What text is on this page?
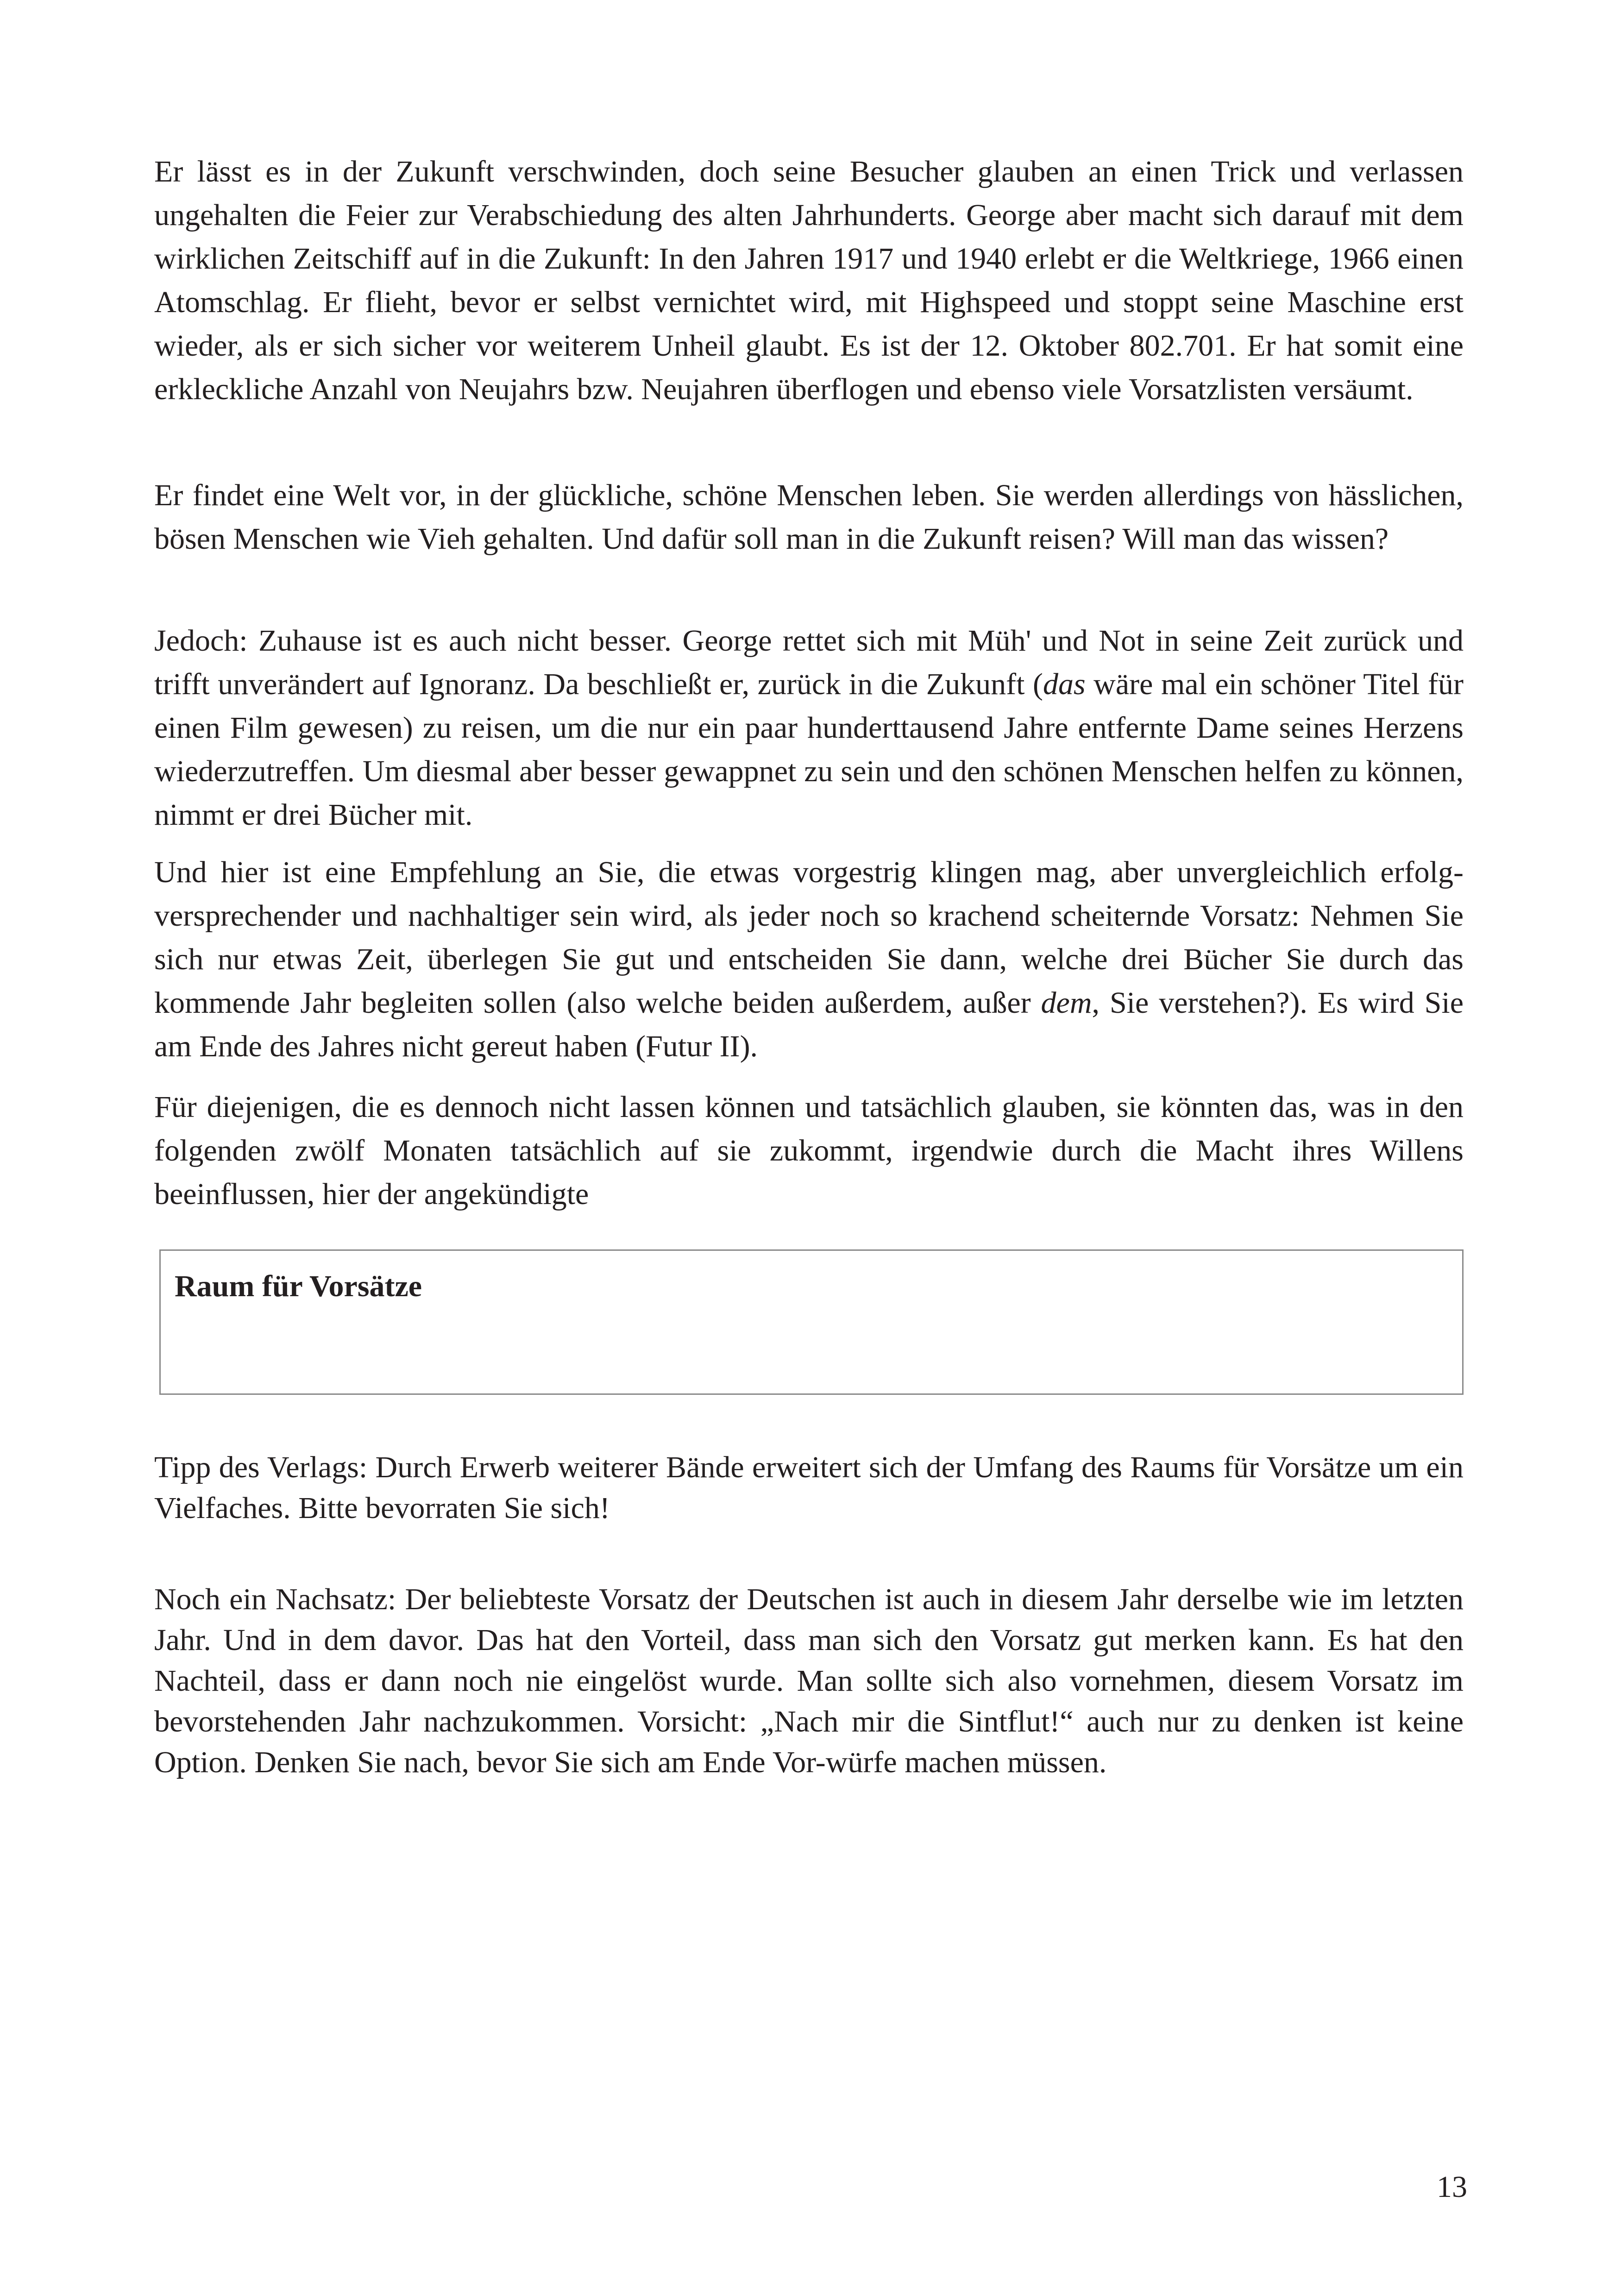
Er lässt es in der Zukunft verschwinden, doch seine Besucher glauben an einen Trick und verlassen ungehalten die Feier zur Verabschiedung des alten Jahrhunderts. George aber macht sich darauf mit dem wirklichen Zeitschiff auf in die Zukunft: In den Jahren 1917 und 1940 erlebt er die Weltkriege, 1966 einen Atomschlag. Er flieht, bevor er selbst vernichtet wird, mit Highspeed und stoppt seine Maschine erst wieder, als er sich sicher vor weiterem Unheil glaubt. Es ist der 12. Oktober 802.701. Er hat somit eine erkleckliche Anzahl von Neujahrs bzw. Neujahren überflogen und ebenso viele Vorsatzlisten versäumt.

Er findet eine Welt vor, in der glückliche, schöne Menschen leben. Sie werden allerdings von hässlichen, bösen Menschen wie Vieh gehalten. Und dafür soll man in die Zukunft reisen? Will man das wissen?

Jedoch: Zuhause ist es auch nicht besser. George rettet sich mit Müh' und Not in seine Zeit zurück und trifft unverändert auf Ignoranz. Da beschließt er, zurück in die Zukunft (das wäre mal ein schöner Titel für einen Film gewesen) zu reisen, um die nur ein paar hunderttausend Jahre entfernte Dame seines Herzens wiederzutreffen. Um diesmal aber besser gewappnet zu sein und den schönen Menschen helfen zu können, nimmt er drei Bücher mit.

Und hier ist eine Empfehlung an Sie, die etwas vorgestrig klingen mag, aber unvergleichlich erfolgversprechender und nachhaltiger sein wird, als jeder noch so krachend scheiternde Vorsatz: Nehmen Sie sich nur etwas Zeit, überlegen Sie gut und entscheiden Sie dann, welche drei Bücher Sie durch das kommende Jahr begleiten sollen (also welche beiden außerdem, außer dem, Sie verstehen?). Es wird Sie am Ende des Jahres nicht gereut haben (Futur II).

Für diejenigen, die es dennoch nicht lassen können und tatsächlich glauben, sie könnten das, was in den folgenden zwölf Monaten tatsächlich auf sie zukommt, irgendwie durch die Macht ihres Willens beeinflussen, hier der angekündigte

Raum für Vorsätze

Tipp des Verlags: Durch Erwerb weiterer Bände erweitert sich der Umfang des Raums für Vorsätze um ein Vielfaches. Bitte bevorraten Sie sich!

Noch ein Nachsatz: Der beliebteste Vorsatz der Deutschen ist auch in diesem Jahr derselbe wie im letzten Jahr. Und in dem davor. Das hat den Vorteil, dass man sich den Vorsatz gut merken kann. Es hat den Nachteil, dass er dann noch nie eingelöst wurde. Man sollte sich also vornehmen, diesem Vorsatz im bevorstehenden Jahr nachzukommen. Vorsicht: „Nach mir die Sintflut!“ auch nur zu denken ist keine Option. Denken Sie nach, bevor Sie sich am Ende Vor-würfe machen müssen.

13
